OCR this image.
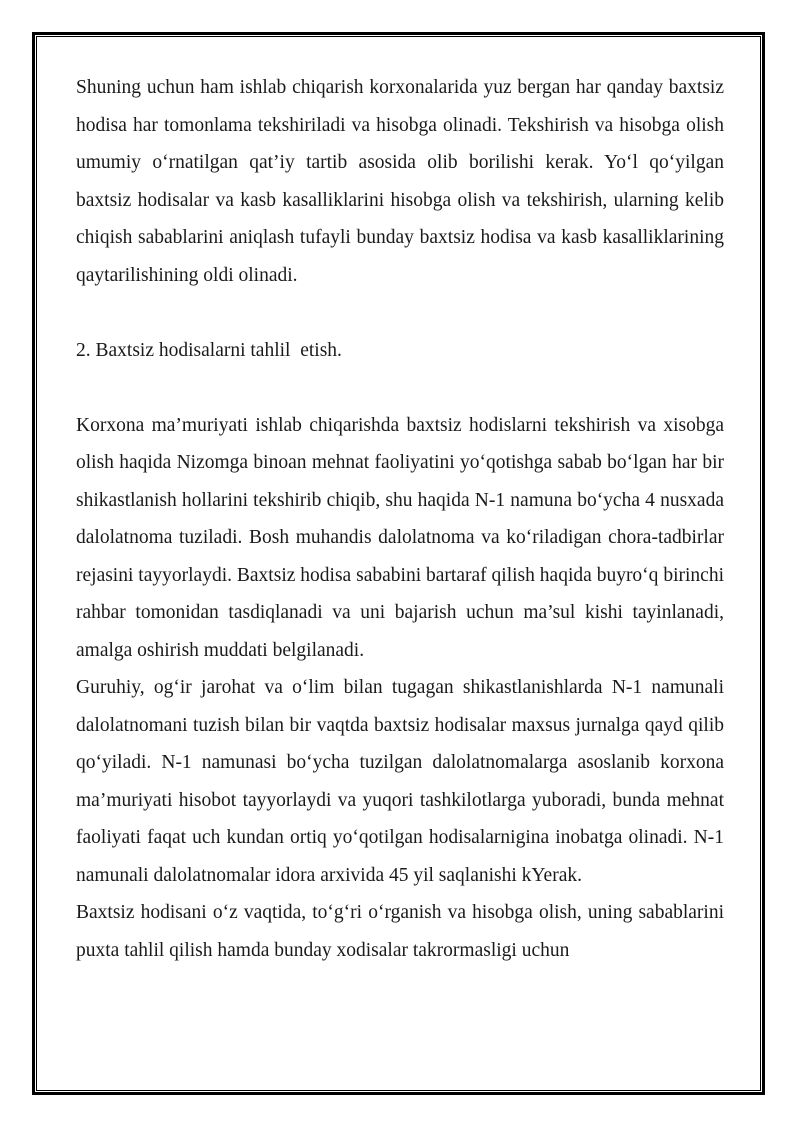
Shuning uchun ham ishlab chiqarish korxonalarida yuz bergan har qanday baxtsiz hodisa har tomonlama tekshiriladi va hisobga olinadi. Tekshirish va hisobga olish umumiy o‘rnatilgan qat’iy tartib asosida olib borilishi kerak. Yo‘l qo‘yilgan baxtsiz hodisalar va kasb kasalliklarini hisobga olish va tekshirish, ularning kelib chiqish sabablarini aniqlash tufayli bunday baxtsiz hodisa va kasb kasalliklarining qaytarilishining oldi olinadi.

2. Baxtsiz hodisalarni tahlil  etish.

Korxona ma’muriyati ishlab chiqarishda baxtsiz hodislarni tekshirish va xisobga olish haqida Nizomga binoan mehnat faoliyatini yo‘qotishga sabab bo‘lgan har bir shikastlanish hollarini tekshirib chiqib, shu haqida N-1 namuna bo‘ycha 4 nusxada dalolatnoma tuziladi. Bosh muhandis dalolatnoma va ko‘riladigan chora-tadbirlar rejasini tayyorlaydi. Baxtsiz hodisa sababini bartaraf qilish haqida buyro‘q birinchi rahbar tomonidan tasdiqlanadi va uni bajarish uchun ma’sul kishi tayinlanadi, amalga oshirish muddati belgilanadi.

Guruhiy, og‘ir jarohat va o‘lim bilan tugagan shikastlanishlarda N-1 namunali dalolatnomani tuzish bilan bir vaqtda baxtsiz hodisalar maxsus jurnalga qayd qilib qo‘yiladi. N-1 namunasi bo‘ycha tuzilgan dalolatnomalarga asoslanib korxona ma’muriyati hisobot tayyorlaydi va yuqori tashkilotlarga yuboradi, bunda mehnat faoliyati faqat uch kundan ortiq yo‘qotilgan hodisalarnigina inobatga olinadi. N-1 namunali dalolatnomalar idora arxivida 45 yil saqlanishi kYerak.

Baxtsiz hodisani o‘z vaqtida, to‘g‘ri o‘rganish va hisobga olish, uning sabablarini puxta tahlil qilish hamda bunday xodisalar takrormasligi uchun
